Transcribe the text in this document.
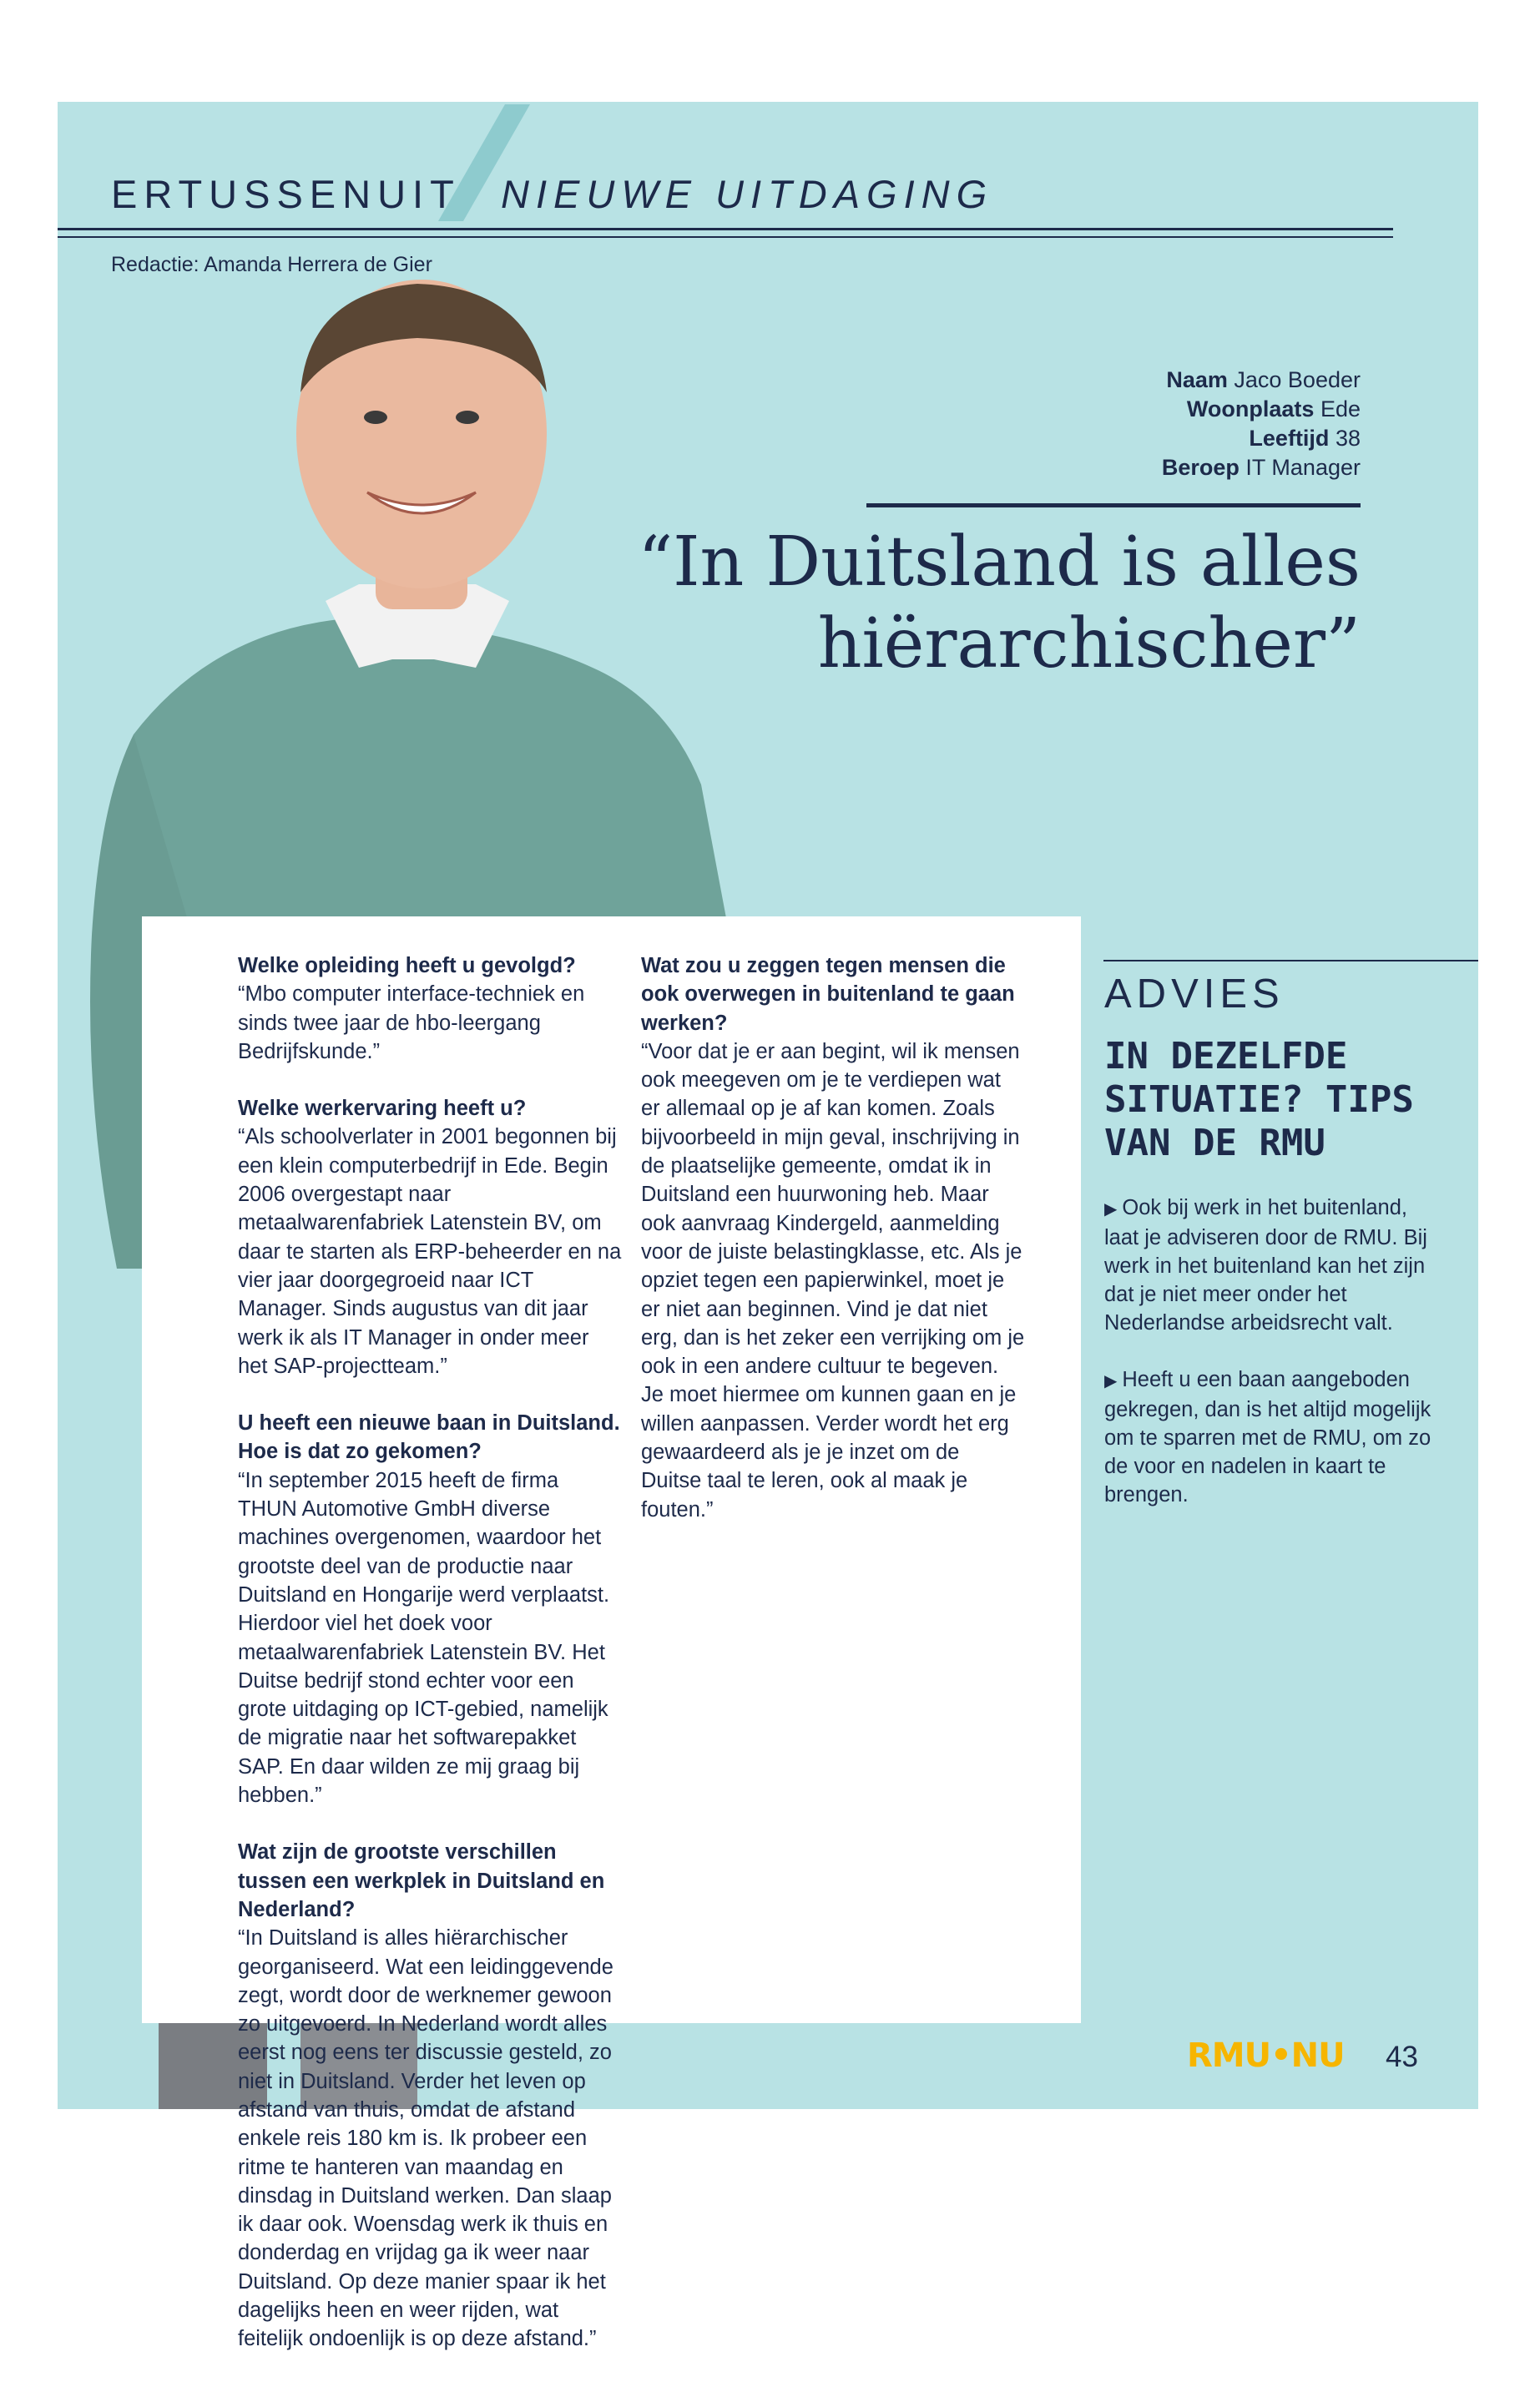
ERTUSSENUIT NIEUWE UITDAGING
Redactie: Amanda Herrera de Gier
Naam Jaco Boeder
Woonplaats Ede
Leeftijd 38
Beroep IT Manager
“In Duitsland is alles
hiërarchischer”

Welke opleiding heeft u gevolgd?
“Mbo computer interface-techniek en sinds twee jaar de hbo-leergang Bedrijfskunde.”

Welke werkervaring heeft u?
“Als schoolverlater in 2001 begonnen bij een klein computerbedrijf in Ede. Begin 2006 overgestapt naar metaalwarenfabriek Latenstein BV, om daar te starten als ERP-beheerder en na vier jaar doorgegroeid naar ICT Manager. Sinds augustus van dit jaar werk ik als IT Manager in onder meer het SAP-projectteam.”

U heeft een nieuwe baan in Duitsland. Hoe is dat zo gekomen?
“In september 2015 heeft de firma THUN Automotive GmbH diverse machines overgenomen, waardoor het grootste deel van de productie naar Duitsland en Hongarije werd verplaatst. Hierdoor viel het doek voor metaalwarenfabriek Latenstein BV. Het Duitse bedrijf stond echter voor een grote uitdaging op ICT-gebied, namelijk de migratie naar het softwarepakket SAP. En daar wilden ze mij graag bij hebben.”

Wat zijn de grootste verschillen tussen een werkplek in Duitsland en Nederland?
“In Duitsland is alles hiërarchischer georganiseerd. Wat een leidinggevende zegt, wordt door de werknemer gewoon zo uitgevoerd. In Nederland wordt alles eerst nog eens ter discussie gesteld, zo niet in Duitsland. Verder het leven op afstand van thuis, omdat de afstand enkele reis 180 km is. Ik probeer een ritme te hanteren van maandag en dinsdag in Duitsland werken. Dan slaap ik daar ook. Woensdag werk ik thuis en donderdag en vrijdag ga ik weer naar Duitsland. Op deze manier spaar ik het dagelijks heen en weer rijden, wat feitelijk ondoenlijk is op deze afstand.”

Wat zou u zeggen tegen mensen die ook overwegen in buitenland te gaan werken?
“Voor dat je er aan begint, wil ik mensen ook meegeven om je te verdiepen wat er allemaal op je af kan komen. Zoals bijvoorbeeld in mijn geval, inschrijving in de plaatselijke gemeente, omdat ik in Duitsland een huurwoning heb. Maar ook aanvraag Kindergeld, aanmelding voor de juiste belastingklasse, etc. Als je opziet tegen een papierwinkel, moet je er niet aan beginnen. Vind je dat niet erg, dan is het zeker een verrijking om je ook in een andere cultuur te begeven. Je moet hiermee om kunnen gaan en je willen aanpassen. Verder wordt het erg gewaardeerd als je je inzet om de Duitse taal te leren, ook al maak je fouten.”

ADVIES
IN DEZELFDE SITUATIE? TIPS VAN DE RMU

▶ Ook bij werk in het buitenland, laat je adviseren door de RMU. Bij werk in het buitenland kan het zijn dat je niet meer onder het Nederlandse arbeidsrecht valt.

▶ Heeft u een baan aangeboden gekregen, dan is het altijd mogelijk om te sparren met de RMU, om zo de voor en nadelen in kaart te brengen.

RMU•NU 43
